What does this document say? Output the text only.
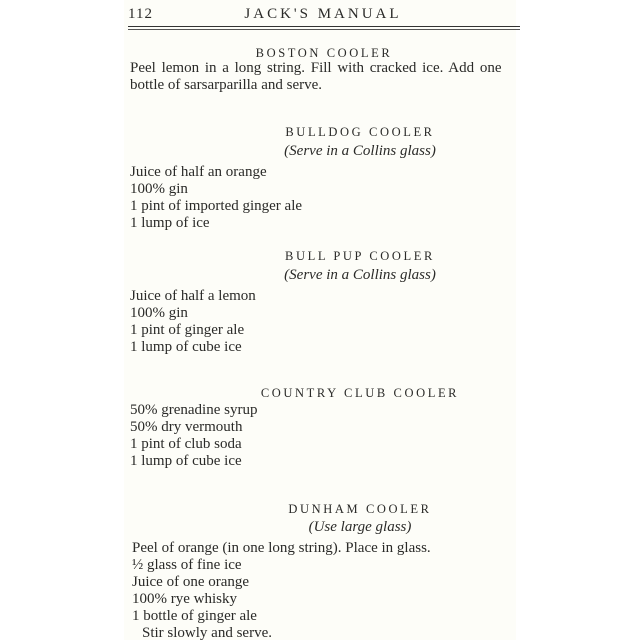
112	JACK'S MANUAL
BOSTON COOLER
Peel lemon in a long string. Fill with cracked ice. Add one
bottle of sarsarparilla and serve.
BULLDOG COOLER
(Serve in a Collins glass)
Juice of half an orange
100% gin
1 pint of imported ginger ale
1 lump of ice
BULL PUP COOLER
(Serve in a Collins glass)
Juice of half a lemon
100% gin
1 pint of ginger ale
1 lump of cube ice
COUNTRY CLUB COOLER
50% grenadine syrup
50% dry vermouth
1 pint of club soda
1 lump of cube ice
DUNHAM COOLER
(Use large glass)
Peel of orange (in one long string). Place in glass.
½ glass of fine ice
Juice of one orange
100% rye whisky
1 bottle of ginger ale
Stir slowly and serve.
